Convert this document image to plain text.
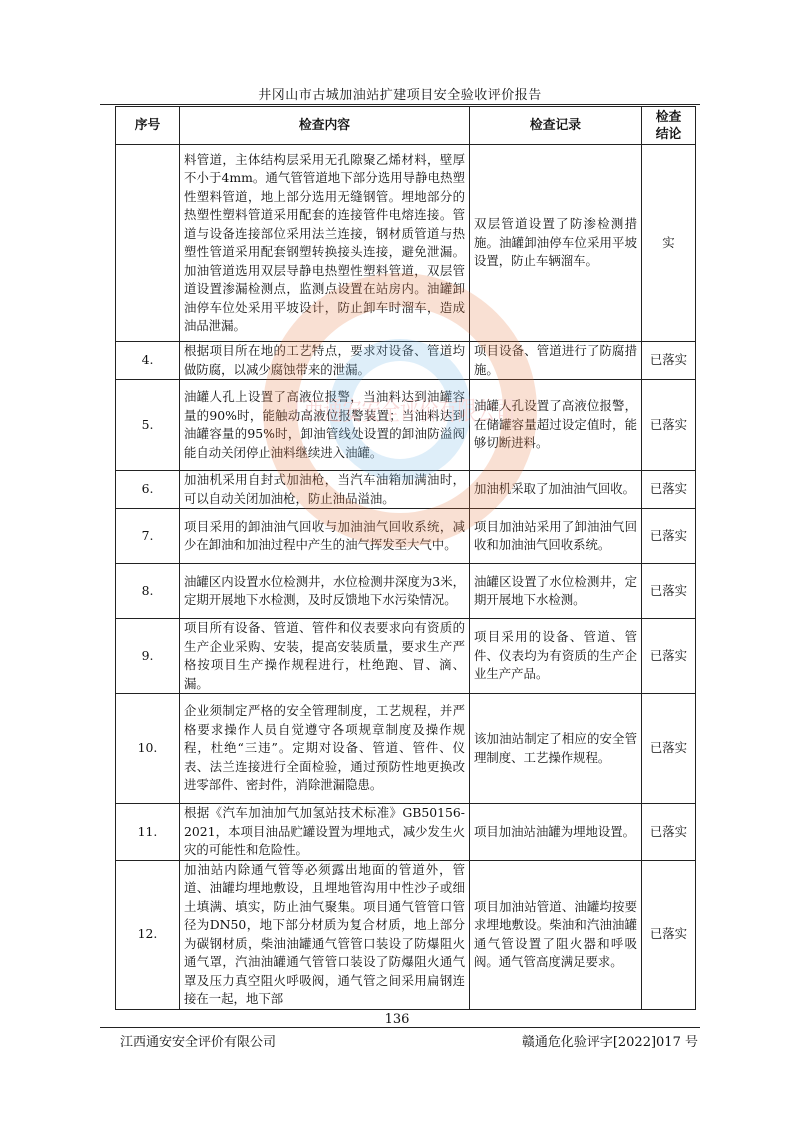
井冈山市古城加油站扩建项目安全验收评价报告
序号	检查内容	检查记录	检查结论
	料管道，主体结构层采用无孔隙聚乙烯材料，壁厚不小于4mm。通气管管道地下部分选用导静电热塑性塑料管道，地上部分选用无缝钢管。埋地部分的热塑性塑料管道采用配套的连接管件电熔连接。管道与设备连接部位采用法兰连接，钢材质管道与热塑性管道采用配套钢塑转换接头连接，避免泄漏。加油管道选用双层导静电热塑性塑料管道，双层管道设置渗漏检测点，监测点设置在站房内。油罐卸油停车位处采用平坡设计，防止卸车时溜车，造成油品泄漏。	双层管道设置了防渗检测措施。油罐卸油停车位采用平坡设置，防止车辆溜车。	实
4.	根据项目所在地的工艺特点，要求对设备、管道均做防腐，以减少腐蚀带来的泄漏。	项目设备、管道进行了防腐措施。	已落实
5.	油罐人孔上设置了高液位报警，当油料达到油罐容量的90%时，能触动高液位报警装置；当油料达到油罐容量的95%时，卸油管线处设置的卸油防溢阀能自动关闭停止油料继续进入油罐。	油罐人孔设置了高液位报警，在储罐容量超过设定值时，能够切断进料。	已落实
6.	加油机采用自封式加油枪，当汽车油箱加满油时，可以自动关闭加油枪，防止油品溢油。	加油机采取了加油油气回收。	已落实
7.	项目采用的卸油油气回收与加油油气回收系统，减少在卸油和加油过程中产生的油气挥发至大气中。	项目加油站采用了卸油油气回收和加油油气回收系统。	已落实
8.	油罐区内设置水位检测井，水位检测井深度为3米，定期开展地下水检测，及时反馈地下水污染情况。	油罐区设置了水位检测井，定期开展地下水检测。	已落实
9.	项目所有设备、管道、管件和仪表要求向有资质的生产企业采购、安装，提高安装质量，要求生产严格按项目生产操作规程进行，杜绝跑、冒、滴、漏。	项目采用的设备、管道、管件、仪表均为有资质的生产企业生产产品。	已落实
10.	企业须制定严格的安全管理制度，工艺规程，并严格要求操作人员自觉遵守各项规章制度及操作规程，杜绝“三违”。定期对设备、管道、管件、仪表、法兰连接进行全面检验，通过预防性地更换改进零部件、密封件，消除泄漏隐患。	该加油站制定了相应的安全管理制度、工艺操作规程。	已落实
11.	根据《汽车加油加气加氢站技术标准》GB50156-2021，本项目油品贮罐设置为埋地式，减少发生火灾的可能性和危险性。	项目加油站油罐为埋地设置。	已落实
12.	加油站内除通气管等必须露出地面的管道外，管道、油罐均埋地敷设，且埋地管沟用中性沙子或细土填满、填实，防止油气聚集。项目通气管管口管径为DN50，地下部分材质为复合材质，地上部分为碳钢材质，柴油油罐通气管管口装设了防爆阻火通气罩，汽油油罐通气管管口装设了防爆阻火通气罩及压力真空阻火呼吸阀，通气管之间采用扁钢连接在一起，地下部	项目加油站管道、油罐均按要求埋地敷设。柴油和汽油油罐通气管设置了阻火器和呼吸阀。通气管高度满足要求。	已落实
136
江西通安安全评价有限公司	赣通危化验评字[2022]017 号
江西通安安全评价有限公司
